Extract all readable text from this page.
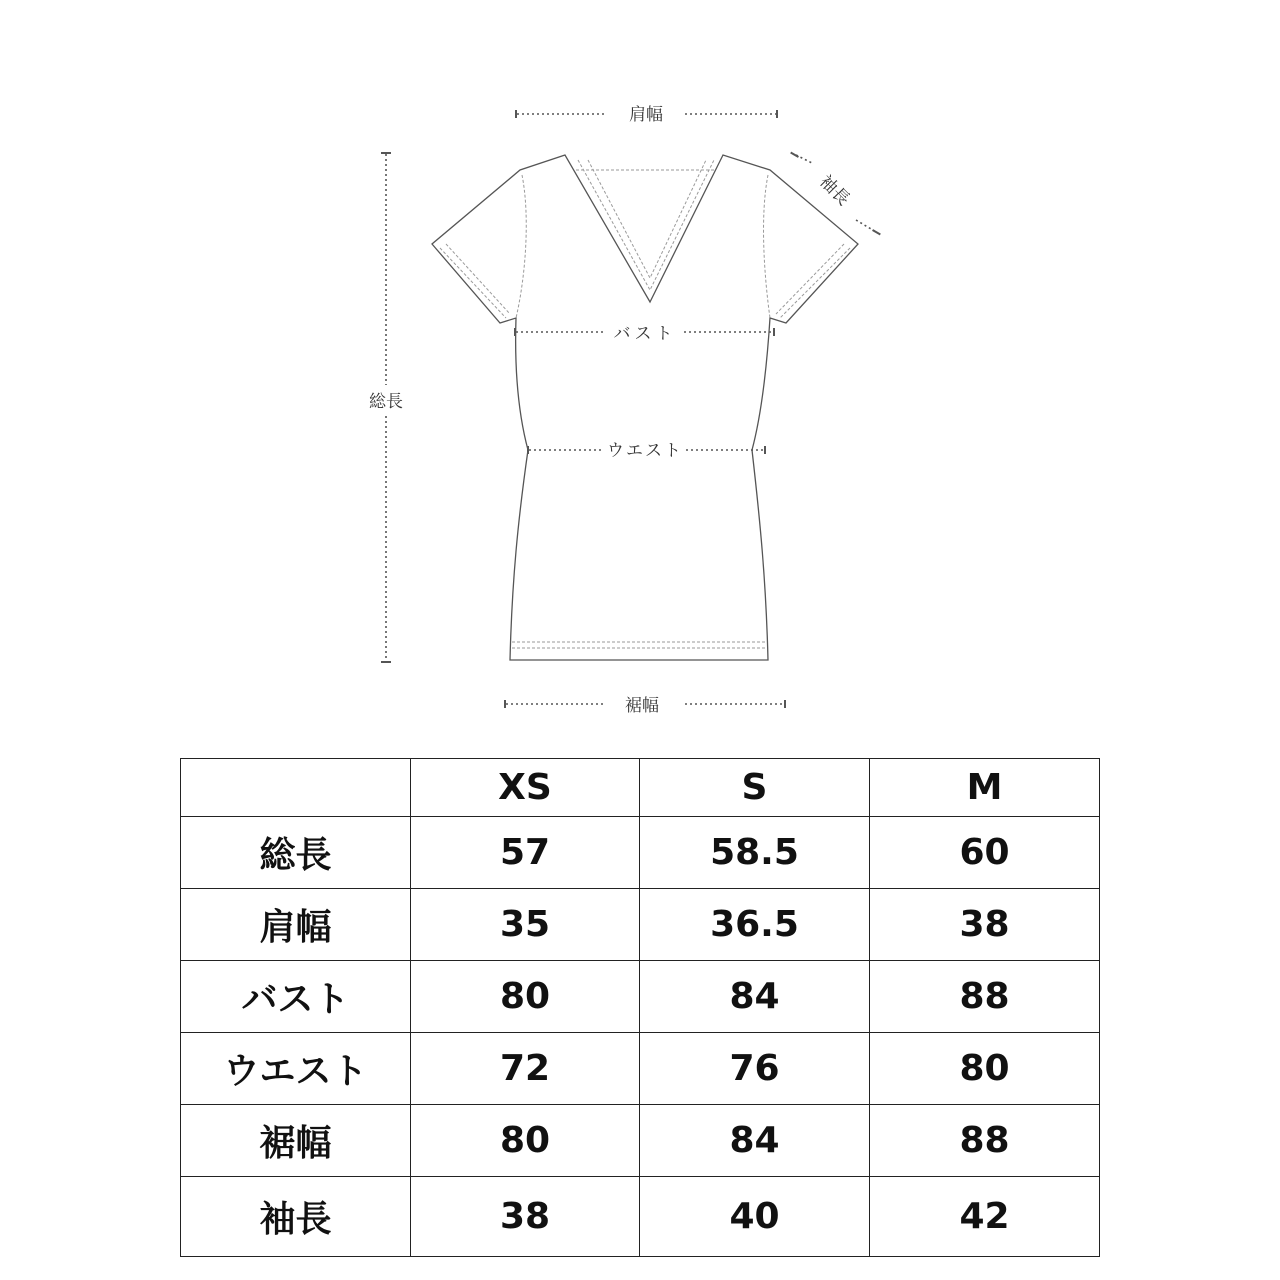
肩幅
袖長
総長
バスト
ウエスト
裾幅
	XS	S	M
総長	57	58.5	60
肩幅	35	36.5	38
バスト	80	84	88
ウエスト	72	76	80
裾幅	80	84	88
袖長	38	40	42
